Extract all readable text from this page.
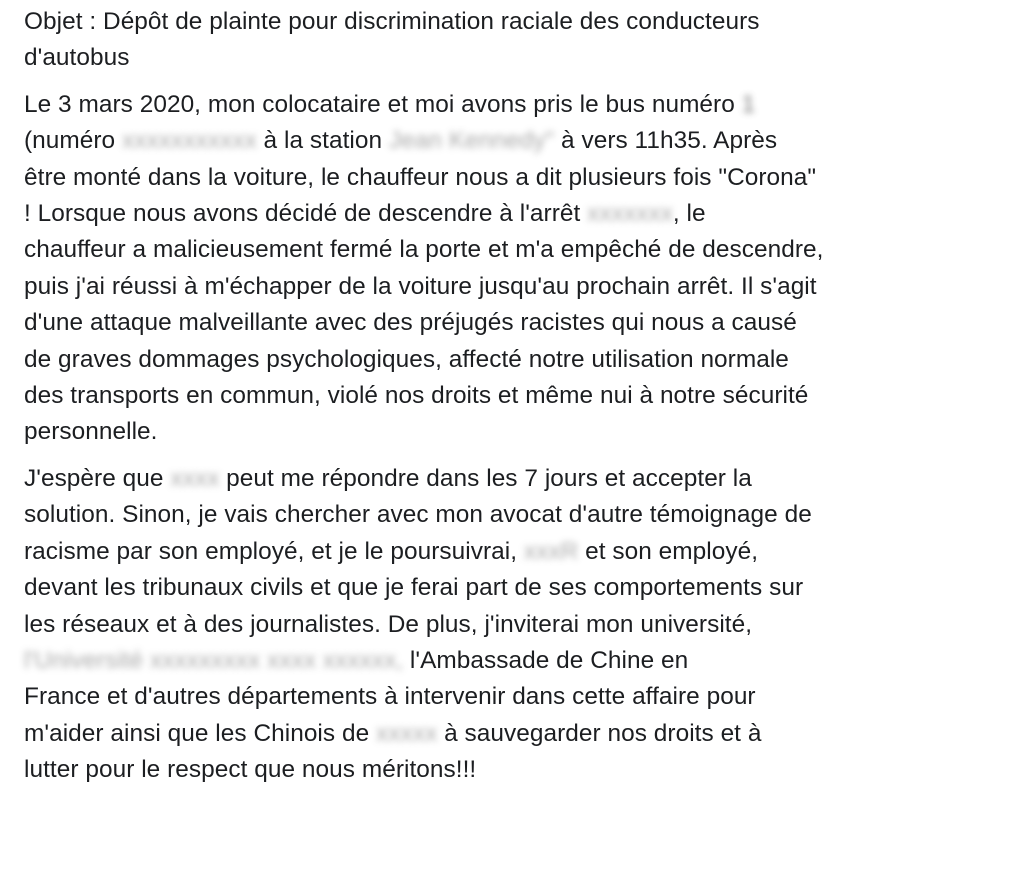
Objet : Dépôt de plainte pour discrimination raciale des conducteurs
d'autobus
Le 3 mars 2020, mon colocataire et moi avons pris le bus numéro 1
(numéro xxxxxxxxxxx à la station Jean Kennedy" à vers 11h35. Après
être monté dans la voiture, le chauffeur nous a dit plusieurs fois "Corona"
! Lorsque nous avons décidé de descendre à l'arrêt xxxxxxx, le
chauffeur a malicieusement fermé la porte et m'a empêché de descendre,
puis j'ai réussi à m'échapper de la voiture jusqu'au prochain arrêt. Il s'agit
d'une attaque malveillante avec des préjugés racistes qui nous a causé
de graves dommages psychologiques, affecté notre utilisation normale
des transports en commun, violé nos droits et même nui à notre sécurité
personnelle.
J'espère que xxxx peut me répondre dans les 7 jours et accepter la
solution. Sinon, je vais chercher avec mon avocat d'autre témoignage de
racisme par son employé, et je le poursuivrai, xxxR et son employé,
devant les tribunaux civils et que je ferai part de ses comportements sur
les réseaux et à des journalistes. De plus, j'inviterai mon université,
l'Université xxxxxxxxx xxxx xxxxxx, l'Ambassade de Chine en
France et d'autres départements à intervenir dans cette affaire pour
m'aider ainsi que les Chinois de xxxxx à sauvegarder nos droits et à
lutter pour le respect que nous méritons!!!
